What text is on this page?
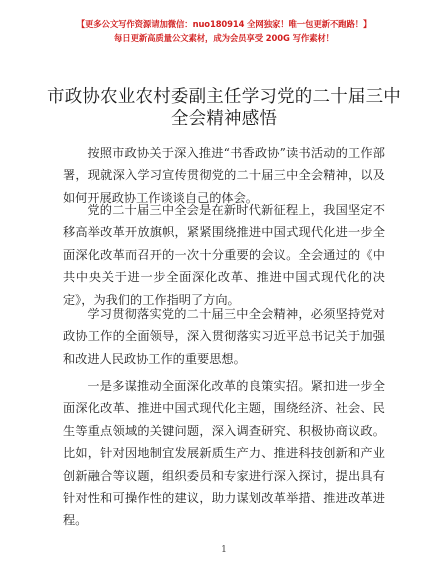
【更多公文写作资源请加微信：nuo180914 全网独家！唯一包更新不跑路！】
每日更新高质量公文素材，成为会员享受 200G 写作素材！
市政协农业农村委副主任学习党的二十届三中
全会精神感悟

按照市政协关于深入推进“书香政协”读书活动的工作部署，现就深入学习宣传贯彻党的二十届三中全会精神，以及如何开展政协工作谈谈自己的体会。

党的二十届三中全会是在新时代新征程上，我国坚定不移高举改革开放旗帜，紧紧围绕推进中国式现代化进一步全面深化改革而召开的一次十分重要的会议。全会通过的《中共中央关于进一步全面深化改革、推进中国式现代化的决定》，为我们的工作指明了方向。

学习贯彻落实党的二十届三中全会精神，必须坚持党对政协工作的全面领导，深入贯彻落实习近平总书记关于加强和改进人民政协工作的重要思想。

一是多谋推动全面深化改革的良策实招。紧扣进一步全面深化改革、推进中国式现代化主题，围绕经济、社会、民生等重点领域的关键问题，深入调查研究、积极协商议政。比如，针对因地制宜发展新质生产力、推进科技创新和产业创新融合等议题，组织委员和专家进行深入探讨，提出具有针对性和可操作性的建议，助力谋划改革举措、推进改革进程。

1
